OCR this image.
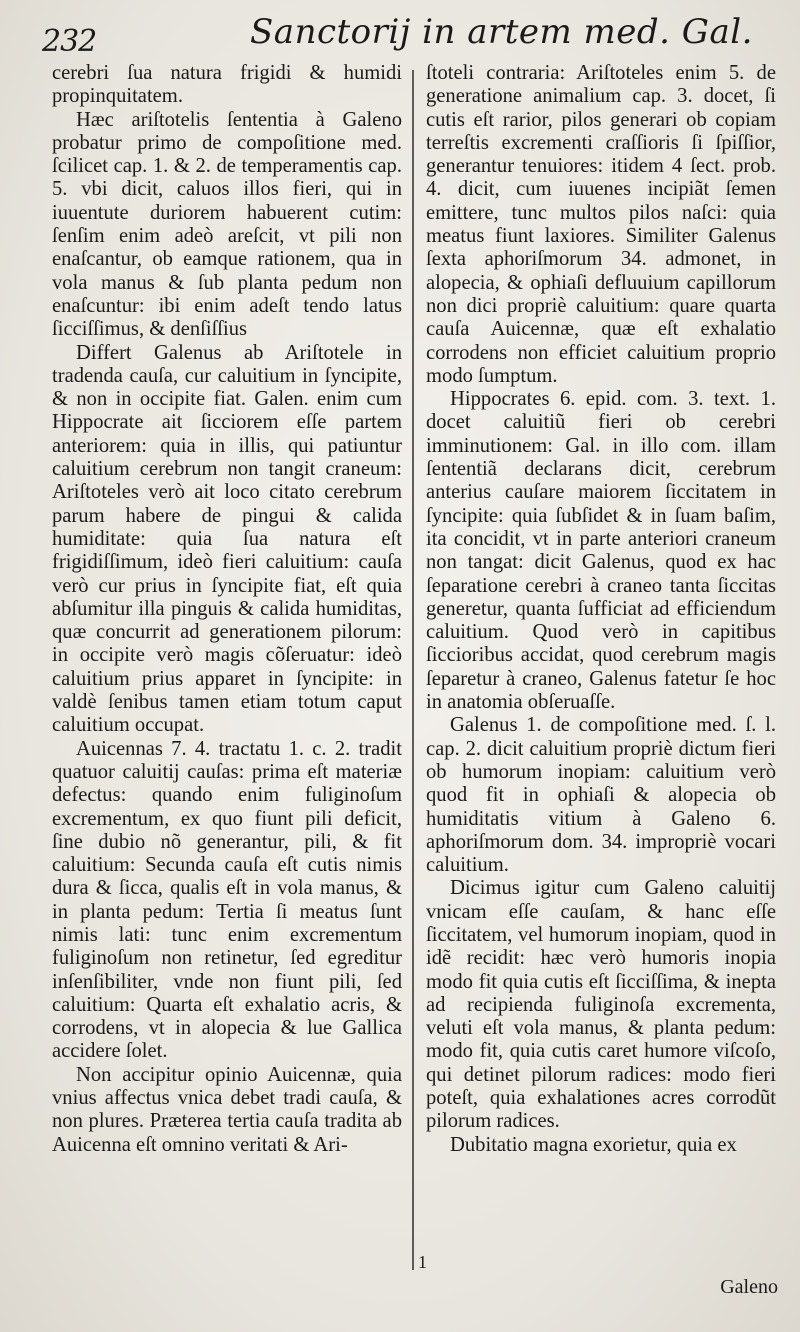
232	Sanctorij in artem med. Gal.

cerebri ſua natura frigidi & humidi propinquitatem.

Hæc ariſtotelis ſententia à Galeno probatur primo de compoſitione med. ſcilicet cap. 1. & 2. de temperamentis cap. 5. vbi dicit, caluos illos fieri, qui in iuuentute duriorem habuerent cutim: ſenſim enim adeò areſcit, vt pili non enaſcantur, ob eamque rationem, qua in vola manus & ſub planta pedum non enaſcuntur: ibi enim adeſt tendo latus ſicciſſimus, & denſiſſius

Differt Galenus ab Ariſtotele in tradenda cauſa, cur caluitium in ſyncipite, & non in occipite fiat. Galen. enim cum Hippocrate ait ſicciorem eſſe partem anteriorem: quia in illis, qui patiuntur caluitium cerebrum non tangit craneum: Ariſtoteles verò ait loco citato cerebrum parum habere de pingui & calida humiditate: quia ſua natura eſt frigidiſſimum, ideò fieri caluitium: cauſa verò cur prius in ſyncipite fiat, eſt quia abſumitur illa pinguis & calida humiditas, quæ concurrit ad generationem pilorum: in occipite verò magis cõſeruatur: ideò caluitium prius apparet in ſyncipite: in valdè ſenibus tamen etiam totum caput caluitium occupat.

Auicennas 7. 4. tractatu 1. c. 2. tradit quatuor caluitij cauſas: prima eſt materiæ defectus: quando enim fuliginoſum excrementum, ex quo fiunt pili deficit, ſine dubio nõ generantur, pili, & fit caluitium: Secunda cauſa eſt cutis nimis dura & ſicca, qualis eſt in vola manus, & in planta pedum: Tertia ſi meatus ſunt nimis lati: tunc enim excrementum fuliginoſum non retinetur, ſed egreditur inſenſibiliter, vnde non fiunt pili, ſed caluitium: Quarta eſt exhalatio acris, & corrodens, vt in alopecia & lue Gallica accidere ſolet.

Non accipitur opinio Auicennæ, quia vnius affectus vnica debet tradi cauſa, & non plures. Præterea tertia cauſa tradita ab Auicenna eſt omnino veritati & Ari-

ſtoteli contraria: Ariſtoteles enim 5. de generatione animalium cap. 3. docet, ſi cutis eſt rarior, pilos generari ob copiam terreſtis excrementi craſſioris ſi ſpiſſior, generantur tenuiores: itidem 4 ſect. prob. 4. dicit, cum iuuenes incipiãt ſemen emittere, tunc multos pilos naſci: quia meatus fiunt laxiores. Similiter Galenus ſexta aphoriſmorum 34. admonet, in alopecia, & ophiaſi defluuium capillorum non dici propriè caluitium: quare quarta cauſa Auicennæ, quæ eſt exhalatio corrodens non efficiet caluitium proprio modo ſumptum.

Hippocrates 6. epid. com. 3. text. 1. docet caluitiũ fieri ob cerebri imminutionem: Gal. in illo com. illam ſententiã declarans dicit, cerebrum anterius cauſare maiorem ſiccitatem in ſyncipite: quia ſubſidet & in ſuam baſim, ita concidit, vt in parte anteriori craneum non tangat: dicit Galenus, quod ex hac ſeparatione cerebri à craneo tanta ſiccitas generetur, quanta ſufficiat ad efficiendum caluitium. Quod verò in capitibus ſiccioribus accidat, quod cerebrum magis ſeparetur à craneo, Galenus fatetur ſe hoc in anatomia obſeruaſſe.

Galenus 1. de compoſitione med. ſ. l. cap. 2. dicit caluitium propriè dictum fieri ob humorum inopiam: caluitium verò quod fit in ophiaſi & alopecia ob humiditatis vitium à Galeno 6. aphoriſmorum dom. 34. impropriè vocari caluitium.

Dicimus igitur cum Galeno caluitij vnicam eſſe cauſam, & hanc eſſe ſiccitatem, vel humorum inopiam, quod in idẽ recidit: hæc verò humoris inopia modo fit quia cutis eſt ſicciſſima, & inepta ad recipienda fuliginoſa excrementa, veluti eſt vola manus, & planta pedum: modo fit, quia cutis caret humore viſcoſo, qui detinet pilorum radices: modo fieri poteſt, quia exhalationes acres corrodũt pilorum radices.

Dubitatio magna exorietur, quia ex

1
Galeno
